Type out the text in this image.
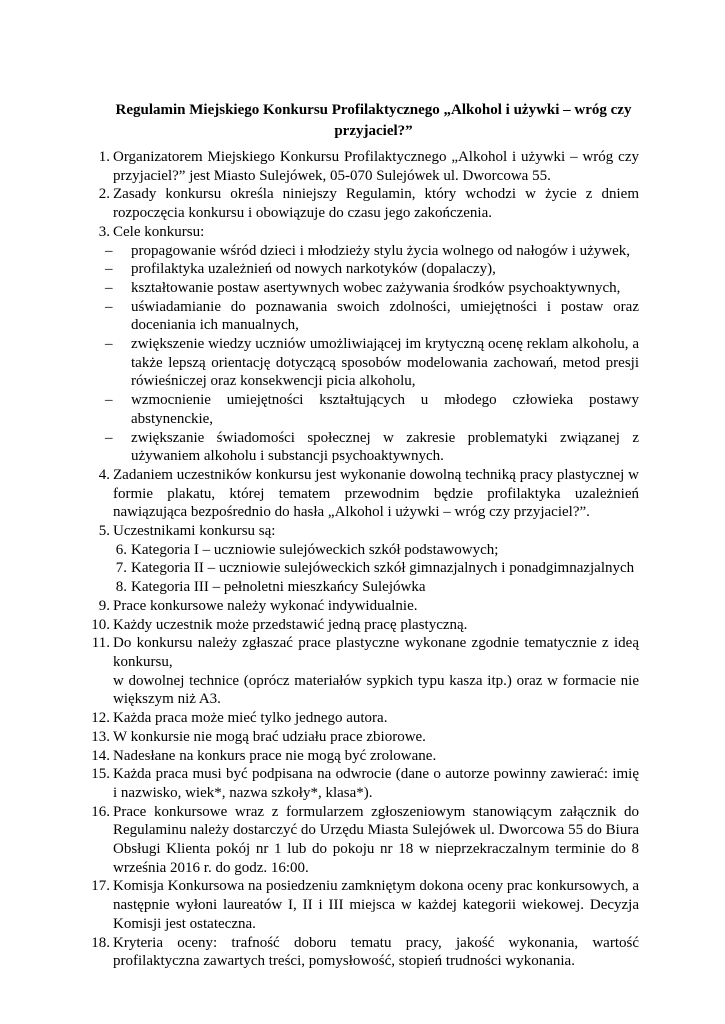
Regulamin Miejskiego Konkursu Profilaktycznego „Alkohol i używki – wróg czy przyjaciel?”
1. Organizatorem Miejskiego Konkursu Profilaktycznego „Alkohol i używki – wróg czy przyjaciel?” jest Miasto Sulejówek, 05-070 Sulejówek ul. Dworcowa 55.
2. Zasady konkursu określa niniejszy Regulamin, który wchodzi w życie z dniem rozpoczęcia konkursu i obowiązuje do czasu jego zakończenia.
3. Cele konkursu:
– propagowanie wśród dzieci i młodzieży stylu życia wolnego od nałogów i używek,
– profilaktyka uzależnień od nowych narkotyków (dopalaczy),
– kształtowanie postaw asertywnych wobec zażywania środków psychoaktywnych,
– uświadamianie do poznawania swoich zdolności, umiejętności i postaw oraz doceniania ich manualnych,
– zwiększenie wiedzy uczniów umożliwiającej im krytyczną ocenę reklam alkoholu, a także lepszą orientację dotyczącą sposobów modelowania zachowań, metod presji rówieśniczej oraz konsekwencji picia alkoholu,
– wzmocnienie umiejętności kształtujących u młodego człowieka postawy abstynenckie,
– zwiększanie świadomości społecznej w zakresie problematyki związanej z używaniem alkoholu i substancji psychoaktywnych.
4. Zadaniem uczestników konkursu jest wykonanie dowolną techniką pracy plastycznej w formie plakatu, której tematem przewodnim będzie profilaktyka uzależnień nawiązująca bezpośrednio do hasła „Alkohol i używki – wróg czy przyjaciel?”.
5. Uczestnikami konkursu są:
6. Kategoria I – uczniowie sulejóweckich szkół podstawowych;
7. Kategoria II – uczniowie sulejóweckich szkół gimnazjalnych i ponadgimnazjalnych
8. Kategoria III – pełnoletni mieszkańcy Sulejówka
9. Prace konkursowe należy wykonać indywidualnie.
10. Każdy uczestnik może przedstawić jedną pracę plastyczną.
11. Do konkursu należy zgłaszać prace plastyczne wykonane zgodnie tematycznie z ideą konkursu,
w dowolnej technice (oprócz materiałów sypkich typu kasza itp.) oraz w formacie nie większym niż A3.
12. Każda praca może mieć tylko jednego autora.
13. W konkursie nie mogą brać udziału prace zbiorowe.
14. Nadesłane na konkurs prace nie mogą być zrolowane.
15. Każda praca musi być podpisana na odwrocie (dane o autorze powinny zawierać: imię i nazwisko, wiek*, nazwa szkoły*, klasa*).
16. Prace konkursowe wraz z formularzem zgłoszeniowym stanowiącym załącznik do Regulaminu należy dostarczyć do Urzędu Miasta Sulejówek ul. Dworcowa 55 do Biura Obsługi Klienta pokój nr 1 lub do pokoju nr 18 w nieprzekraczalnym terminie do 8 września 2016 r. do godz. 16:00.
17. Komisja Konkursowa na posiedzeniu zamkniętym dokona oceny prac konkursowych, a następnie wyłoni laureatów I, II i III miejsca w każdej kategorii wiekowej. Decyzja Komisji jest ostateczna.
18. Kryteria oceny: trafność doboru tematu pracy, jakość wykonania, wartość profilaktyczna zawartych treści, pomysłowość, stopień trudności wykonania.
